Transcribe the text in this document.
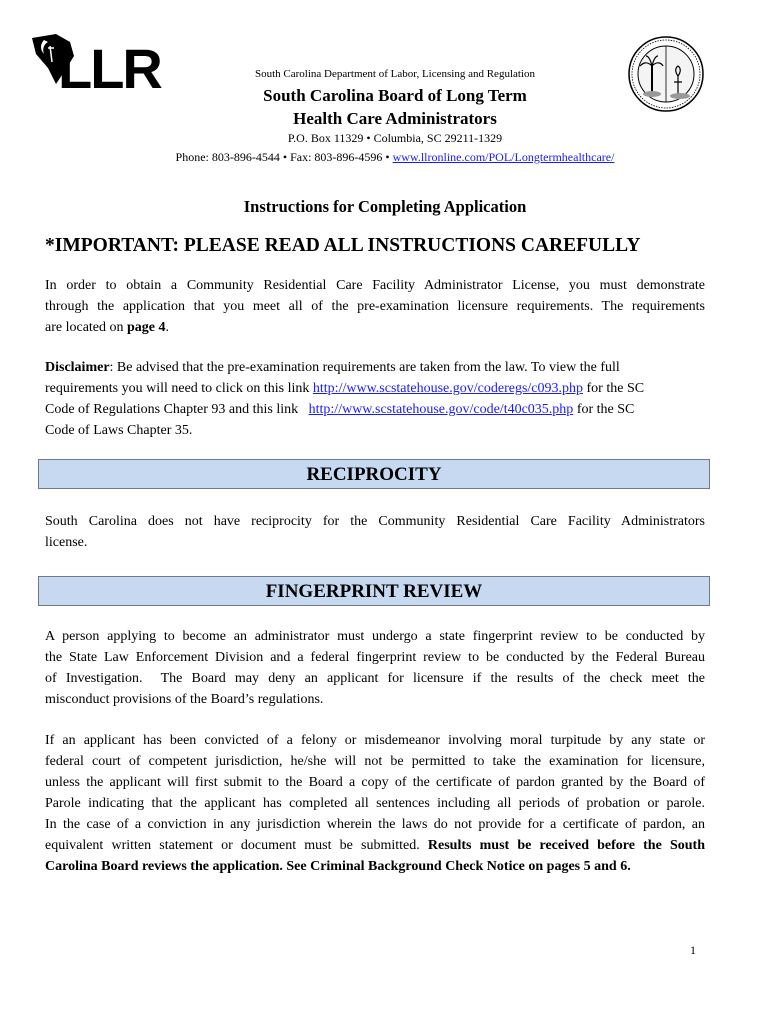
LLR	South Carolina Department of Labor, Licensing and Regulation
South Carolina Board of Long Term
Health Care Administrators
P.O. Box 11329 • Columbia, SC 29211-1329
Phone: 803-896-4544 • Fax: 803-896-4596 • www.llronline.com/POL/Longtermhealthcare/
Instructions for Completing Application
*IMPORTANT: PLEASE READ ALL INSTRUCTIONS CAREFULLY
In order to obtain a Community Residential Care Facility Administrator License, you must demonstrate
through the application that you meet all of the pre-examination licensure requirements. The requirements
are located on page 4.
Disclaimer: Be advised that the pre-examination requirements are taken from the law. To view the full
requirements you will need to click on this link http://www.scstatehouse.gov/coderegs/c093.php for the SC
Code of Regulations Chapter 93 and this link   http://www.scstatehouse.gov/code/t40c035.php for the SC
Code of Laws Chapter 35.
RECIPROCITY
South Carolina does not have reciprocity for the Community Residential Care Facility Administrators
license.
FINGERPRINT REVIEW
A person applying to become an administrator must undergo a state fingerprint review to be conducted by
the State Law Enforcement Division and a federal fingerprint review to be conducted by the Federal Bureau
of Investigation.  The Board may deny an applicant for licensure if the results of the check meet the
misconduct provisions of the Board’s regulations.
If an applicant has been convicted of a felony or misdemeanor involving moral turpitude by any state or
federal court of competent jurisdiction, he/she will not be permitted to take the examination for licensure,
unless the applicant will first submit to the Board a copy of the certificate of pardon granted by the Board of
Parole indicating that the applicant has completed all sentences including all periods of probation or parole.
In the case of a conviction in any jurisdiction wherein the laws do not provide for a certificate of pardon, an
equivalent written statement or document must be submitted. Results must be received before the South
Carolina Board reviews the application. See Criminal Background Check Notice on pages 5 and 6.
1
